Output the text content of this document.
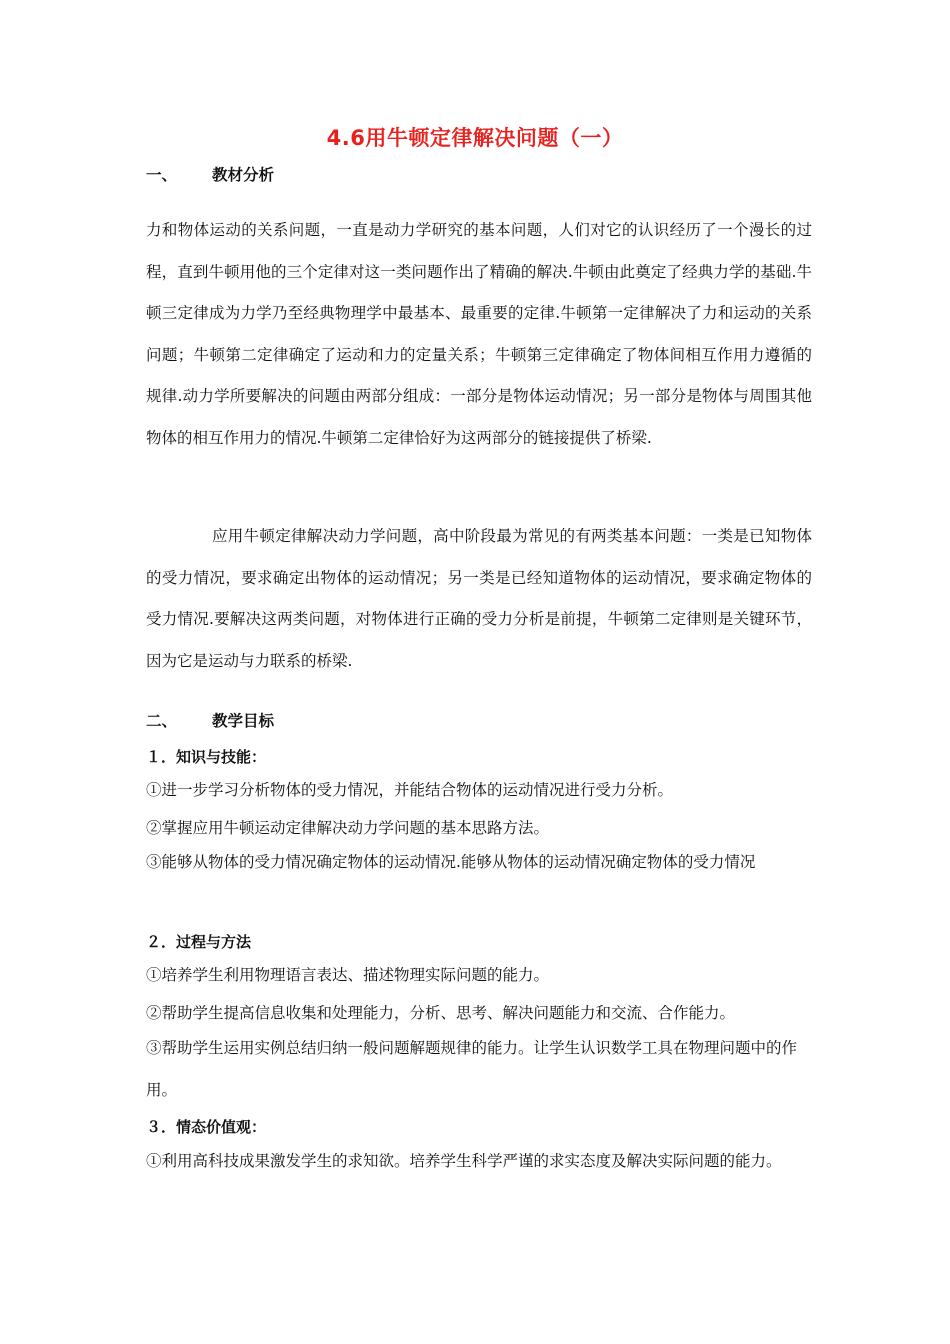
4.6用牛顿定律解决问题（一）
一、 教材分析
力和物体运动的关系问题，一直是动力学研究的基本问题，人们对它的认识经历了一个漫长的过程，直到牛顿用他的三个定律对这一类问题作出了精确的解决.牛顿由此奠定了经典力学的基础.牛顿三定律成为力学乃至经典物理学中最基本、最重要的定律.牛顿第一定律解决了力和运动的关系问题；牛顿第二定律确定了运动和力的定量关系；牛顿第三定律确定了物体间相互作用力遵循的规律.动力学所要解决的问题由两部分组成：一部分是物体运动情况；另一部分是物体与周围其他物体的相互作用力的情况.牛顿第二定律恰好为这两部分的链接提供了桥梁.
应用牛顿定律解决动力学问题，高中阶段最为常见的有两类基本问题：一类是已知物体的受力情况，要求确定出物体的运动情况；另一类是已经知道物体的运动情况，要求确定物体的受力情况.要解决这两类问题，对物体进行正确的受力分析是前提，牛顿第二定律则是关键环节，因为它是运动与力联系的桥梁.
二、 教学目标
１．知识与技能：
①进一步学习分析物体的受力情况，并能结合物体的运动情况进行受力分析。
②掌握应用牛顿运动定律解决动力学问题的基本思路方法。
③能够从物体的受力情况确定物体的运动情况.能够从物体的运动情况确定物体的受力情况
２．过程与方法
①培养学生利用物理语言表达、描述物理实际问题的能力。
②帮助学生提高信息收集和处理能力，分析、思考、解决问题能力和交流、合作能力。
③帮助学生运用实例总结归纳一般问题解题规律的能力。让学生认识数学工具在物理问题中的作用。
３．情态价值观：
①利用高科技成果激发学生的求知欲。培养学生科学严谨的求实态度及解决实际问题的能力。
